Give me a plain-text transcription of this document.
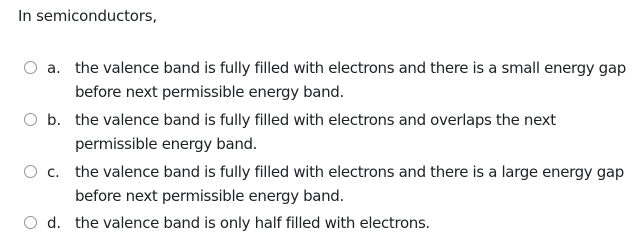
In semiconductors,
a. the valence band is fully filled with electrons and there is a small energy gap before next permissible energy band.
b. the valence band is fully filled with electrons and overlaps the next permissible energy band.
c.	the valence band is fully filled with electrons and there is a large energy gap before next permissible energy band.
d. the valence band is only half filled with electrons.
